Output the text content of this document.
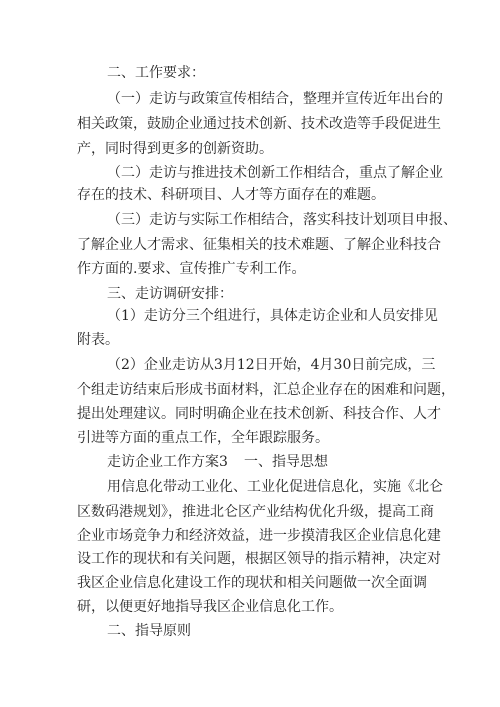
二、工作要求：
（一）走访与政策宣传相结合，整理并宣传近年出台的
相关政策，鼓励企业通过技术创新、技术改造等手段促进生
产，同时得到更多的创新资助。
（二）走访与推进技术创新工作相结合，重点了解企业
存在的技术、科研项目、人才等方面存在的难题。
（三）走访与实际工作相结合，落实科技计划项目申报、
了解企业人才需求、征集相关的技术难题、了解企业科技合
作方面的.要求、宣传推广专利工作。
三、走访调研安排：
（1）走访分三个组进行，具体走访企业和人员安排见
附表。
（2）企业走访从3月12日开始，4月30日前完成，三
个组走访结束后形成书面材料，汇总企业存在的困难和问题，
提出处理建议。同时明确企业在技术创新、科技合作、人才
引进等方面的重点工作，全年跟踪服务。
走访企业工作方案3 一、指导思想
用信息化带动工业化、工业化促进信息化，实施《北仑
区数码港规划》，推进北仑区产业结构优化升级，提高工商
企业市场竞争力和经济效益，进一步摸清我区企业信息化建
设工作的现状和有关问题，根据区领导的指示精神，决定对
我区企业信息化建设工作的现状和相关问题做一次全面调
研，以便更好地指导我区企业信息化工作。
二、指导原则
